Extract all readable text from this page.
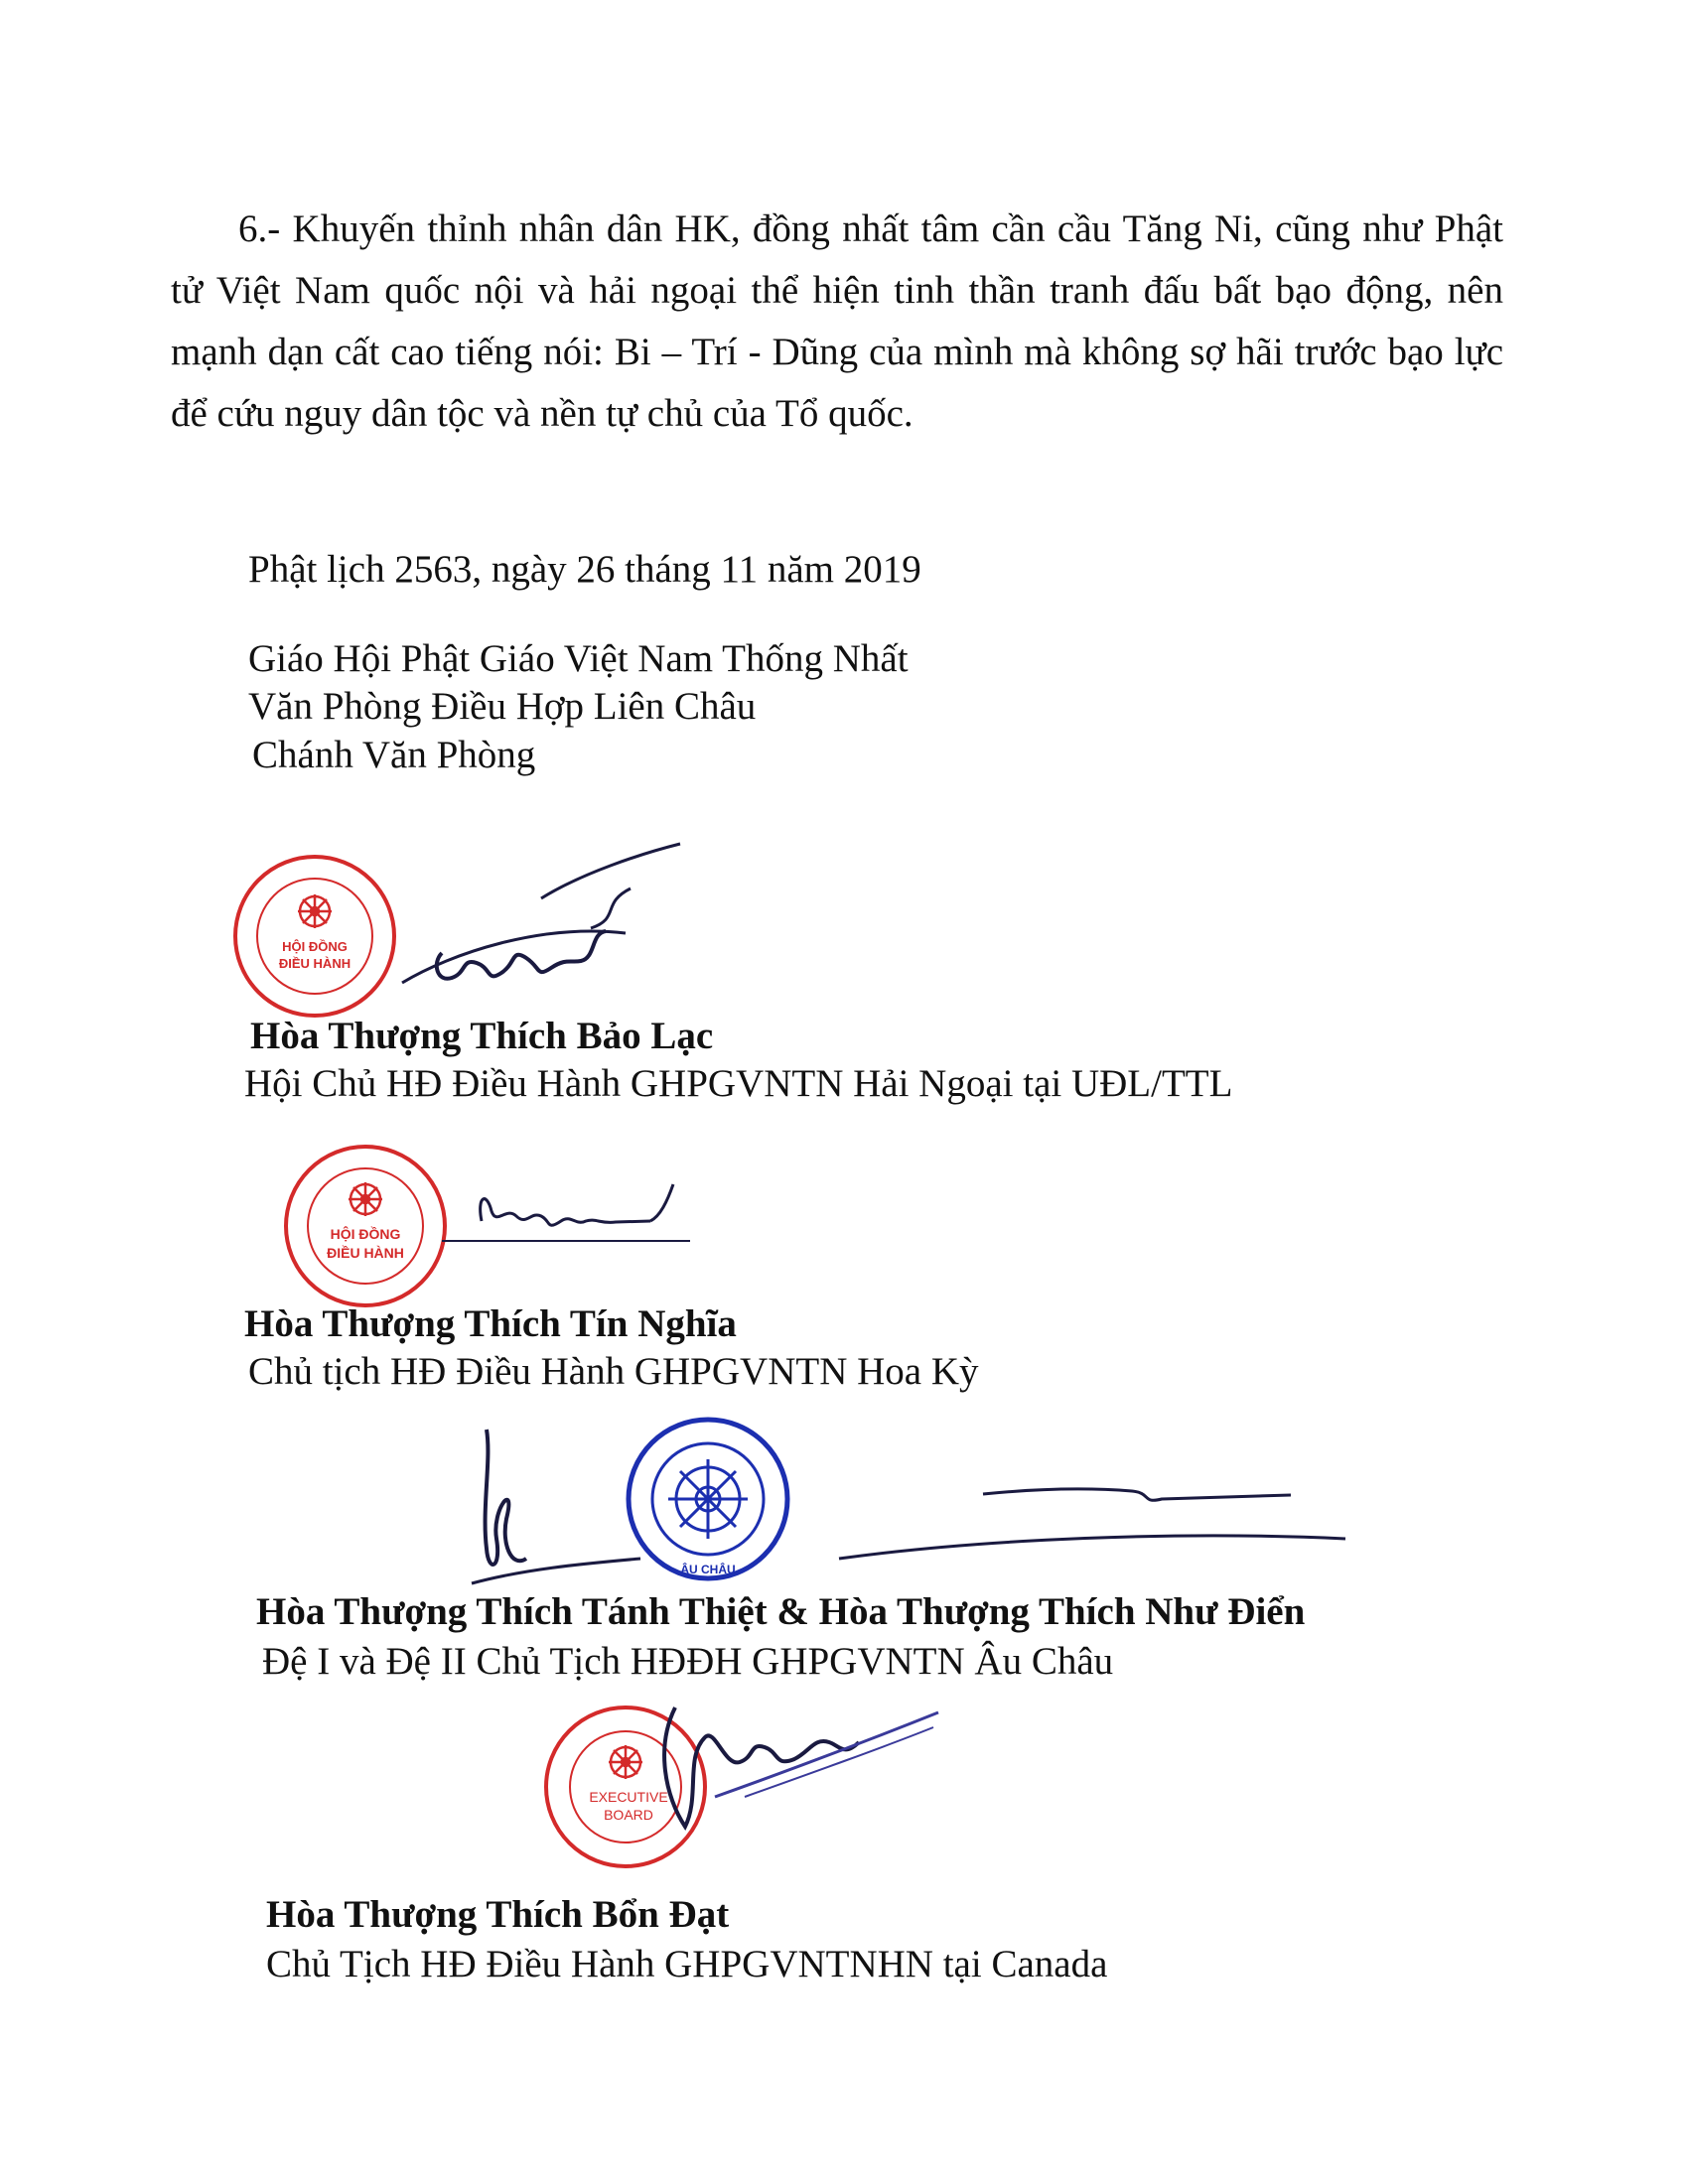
6.- Khuyến thỉnh nhân dân HK, đồng nhất tâm cần cầu Tăng Ni, cũng như Phật tử Việt Nam quốc nội và hải ngoại thể hiện tinh thần tranh đấu bất bạo động, nên mạnh dạn cất cao tiếng nói: Bi – Trí - Dũng của mình mà không sợ hãi trước bạo lực để cứu nguy dân tộc và nền tự chủ của Tổ quốc.

Phật lịch 2563, ngày 26 tháng 11 năm 2019

Giáo Hội Phật Giáo Việt Nam Thống Nhất

Văn Phòng Điều Hợp Liên Châu

Chánh Văn Phòng

HỘI ĐỒNG
ĐIỀU HÀNH

Hòa Thượng Thích Bảo Lạc

Hội Chủ HĐ Điều Hành GHPGVNTN Hải Ngoại tại UĐL/TTL

HỘI ĐỒNG
ĐIỀU HÀNH

Hòa Thượng Thích Tín Nghĩa

Chủ tịch HĐ Điều Hành GHPGVNTN Hoa Kỳ

ÂU CHÂU

Hòa Thượng Thích Tánh Thiệt & Hòa Thượng Thích Như Điển

Đệ I và Đệ II Chủ Tịch HĐĐH GHPGVNTN Âu Châu

EXECUTIVE
BOARD

Hòa Thượng Thích Bổn Đạt

Chủ Tịch HĐ Điều Hành GHPGVNTNHN tại Canada
